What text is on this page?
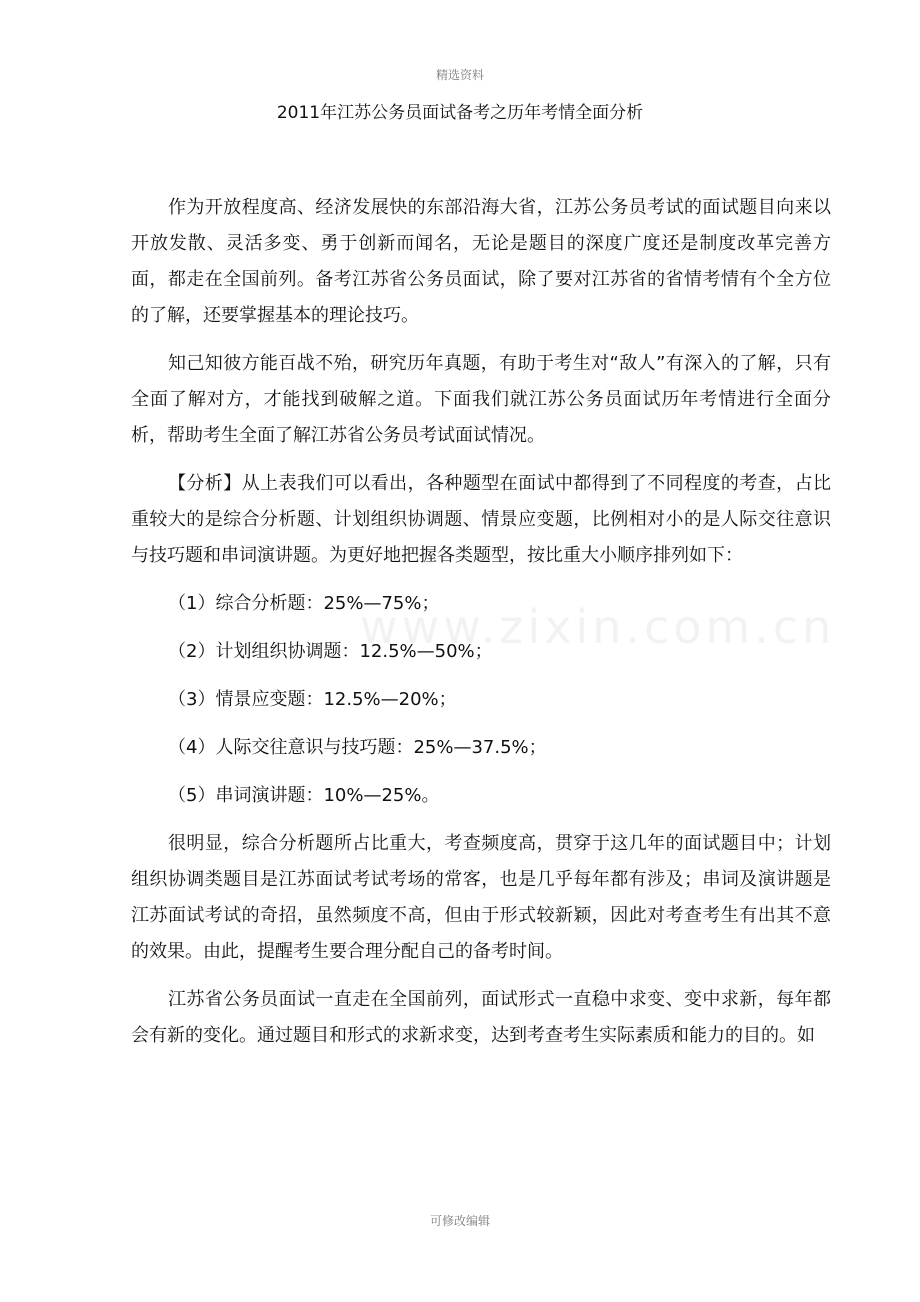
精选资料
2011年江苏公务员面试备考之历年考情全面分析
www.zixin.com.cn

作为开放程度高、经济发展快的东部沿海大省，江苏公务员考试的面试题目向来以开放发散、灵活多变、勇于创新而闻名，无论是题目的深度广度还是制度改革完善方面，都走在全国前列。备考江苏省公务员面试，除了要对江苏省的省情考情有个全方位的了解，还要掌握基本的理论技巧。

知己知彼方能百战不殆，研究历年真题，有助于考生对“敌人”有深入的了解，只有全面了解对方，才能找到破解之道。下面我们就江苏公务员面试历年考情进行全面分析，帮助考生全面了解江苏省公务员考试面试情况。

【分析】从上表我们可以看出，各种题型在面试中都得到了不同程度的考查，占比重较大的是综合分析题、计划组织协调题、情景应变题，比例相对小的是人际交往意识与技巧题和串词演讲题。为更好地把握各类题型，按比重大小顺序排列如下：

（1）综合分析题：25%—75%；

（2）计划组织协调题：12.5%—50%；

（3）情景应变题：12.5%—20%；

（4）人际交往意识与技巧题：25%—37.5%；

（5）串词演讲题：10%—25%。

很明显，综合分析题所占比重大，考查频度高，贯穿于这几年的面试题目中；计划组织协调类题目是江苏面试考试考场的常客，也是几乎每年都有涉及；串词及演讲题是江苏面试考试的奇招，虽然频度不高，但由于形式较新颖，因此对考查考生有出其不意的效果。由此，提醒考生要合理分配自己的备考时间。

江苏省公务员面试一直走在全国前列，面试形式一直稳中求变、变中求新，每年都会有新的变化。通过题目和形式的求新求变，达到考查考生实际素质和能力的目的。如

可修改编辑
